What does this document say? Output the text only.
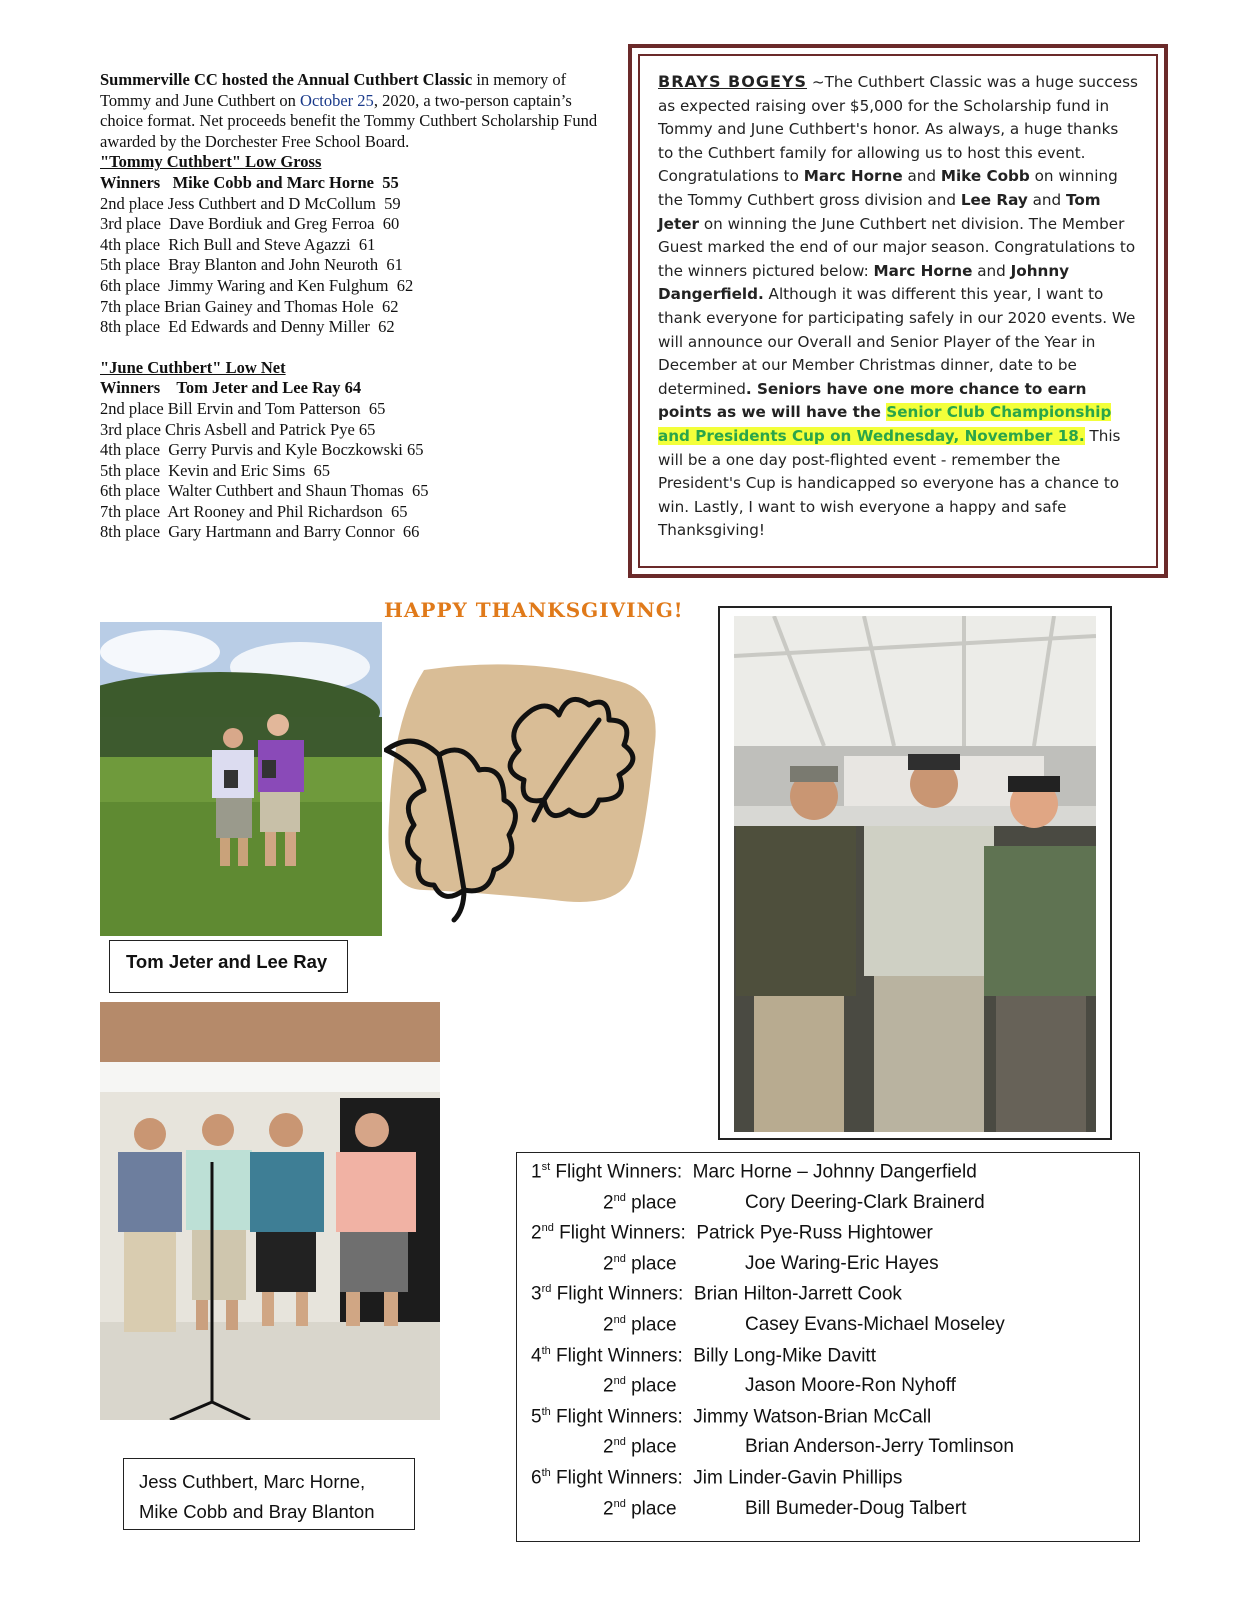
Summerville CC hosted the Annual Cuthbert Classic in memory of Tommy and June Cuthbert on October 25, 2020, a two-person captain’s choice format. Net proceeds benefit the Tommy Cuthbert Scholarship Fund awarded by the Dorchester Free School Board.

"Tommy Cuthbert" Low Gross

Winners   Mike Cobb and Marc Horne  55
2nd place Jess Cuthbert and D McCollum  59
3rd place  Dave Bordiuk and Greg Ferroa  60
4th place  Rich Bull and Steve Agazzi  61
5th place  Bray Blanton and John Neuroth  61
6th place  Jimmy Waring and Ken Fulghum  62
7th place Brian Gainey and Thomas Hole  62
8th place  Ed Edwards and Denny Miller  62

"June Cuthbert" Low Net

Winners    Tom Jeter and Lee Ray 64
2nd place Bill Ervin and Tom Patterson  65
3rd place Chris Asbell and Patrick Pye 65
4th place  Gerry Purvis and Kyle Boczkowski 65
5th place  Kevin and Eric Sims  65
6th place  Walter Cuthbert and Shaun Thomas  65
7th place  Art Rooney and Phil Richardson  65
8th place  Gary Hartmann and Barry Connor  66
BRAYS BOGEYS ~The Cuthbert Classic was a huge success as expected raising over $5,000 for the Scholarship fund in Tommy and June Cuthbert's honor. As always, a huge thanks to the Cuthbert family for allowing us to host this event. Congratulations to Marc Horne and Mike Cobb on winning the Tommy Cuthbert gross division and Lee Ray and Tom Jeter on winning the June Cuthbert net division. The Member Guest marked the end of our major season. Congratulations to the winners pictured below: Marc Horne and Johnny Dangerfield. Although it was different this year, I want to thank everyone for participating safely in our 2020 events. We will announce our Overall and Senior Player of the Year in December at our Member Christmas dinner, date to be determined. Seniors have one more chance to earn points as we will have the Senior Club Championship and Presidents Cup on Wednesday, November 18. This will be a one day post-flighted event - remember the President's Cup is handicapped so everyone has a chance to win. Lastly, I want to wish everyone a happy and safe Thanksgiving!
HAPPY THANKSGIVING!
Tom Jeter and Lee Ray
Jess Cuthbert, Marc Horne,
Mike Cobb and Bray Blanton
1st Flight Winners:  Marc Horne – Johnny Dangerfield
2nd place	Cory Deering-Clark Brainerd
2nd Flight Winners:  Patrick Pye-Russ Hightower
2nd place	Joe Waring-Eric Hayes
3rd Flight Winners:  Brian Hilton-Jarrett Cook
2nd place	Casey Evans-Michael Moseley
4th Flight Winners:  Billy Long-Mike Davitt
2nd place	Jason Moore-Ron Nyhoff
5th Flight Winners:  Jimmy Watson-Brian McCall
2nd place	Brian Anderson-Jerry Tomlinson
6th Flight Winners:  Jim Linder-Gavin Phillips
2nd place	Bill Bumeder-Doug Talbert
